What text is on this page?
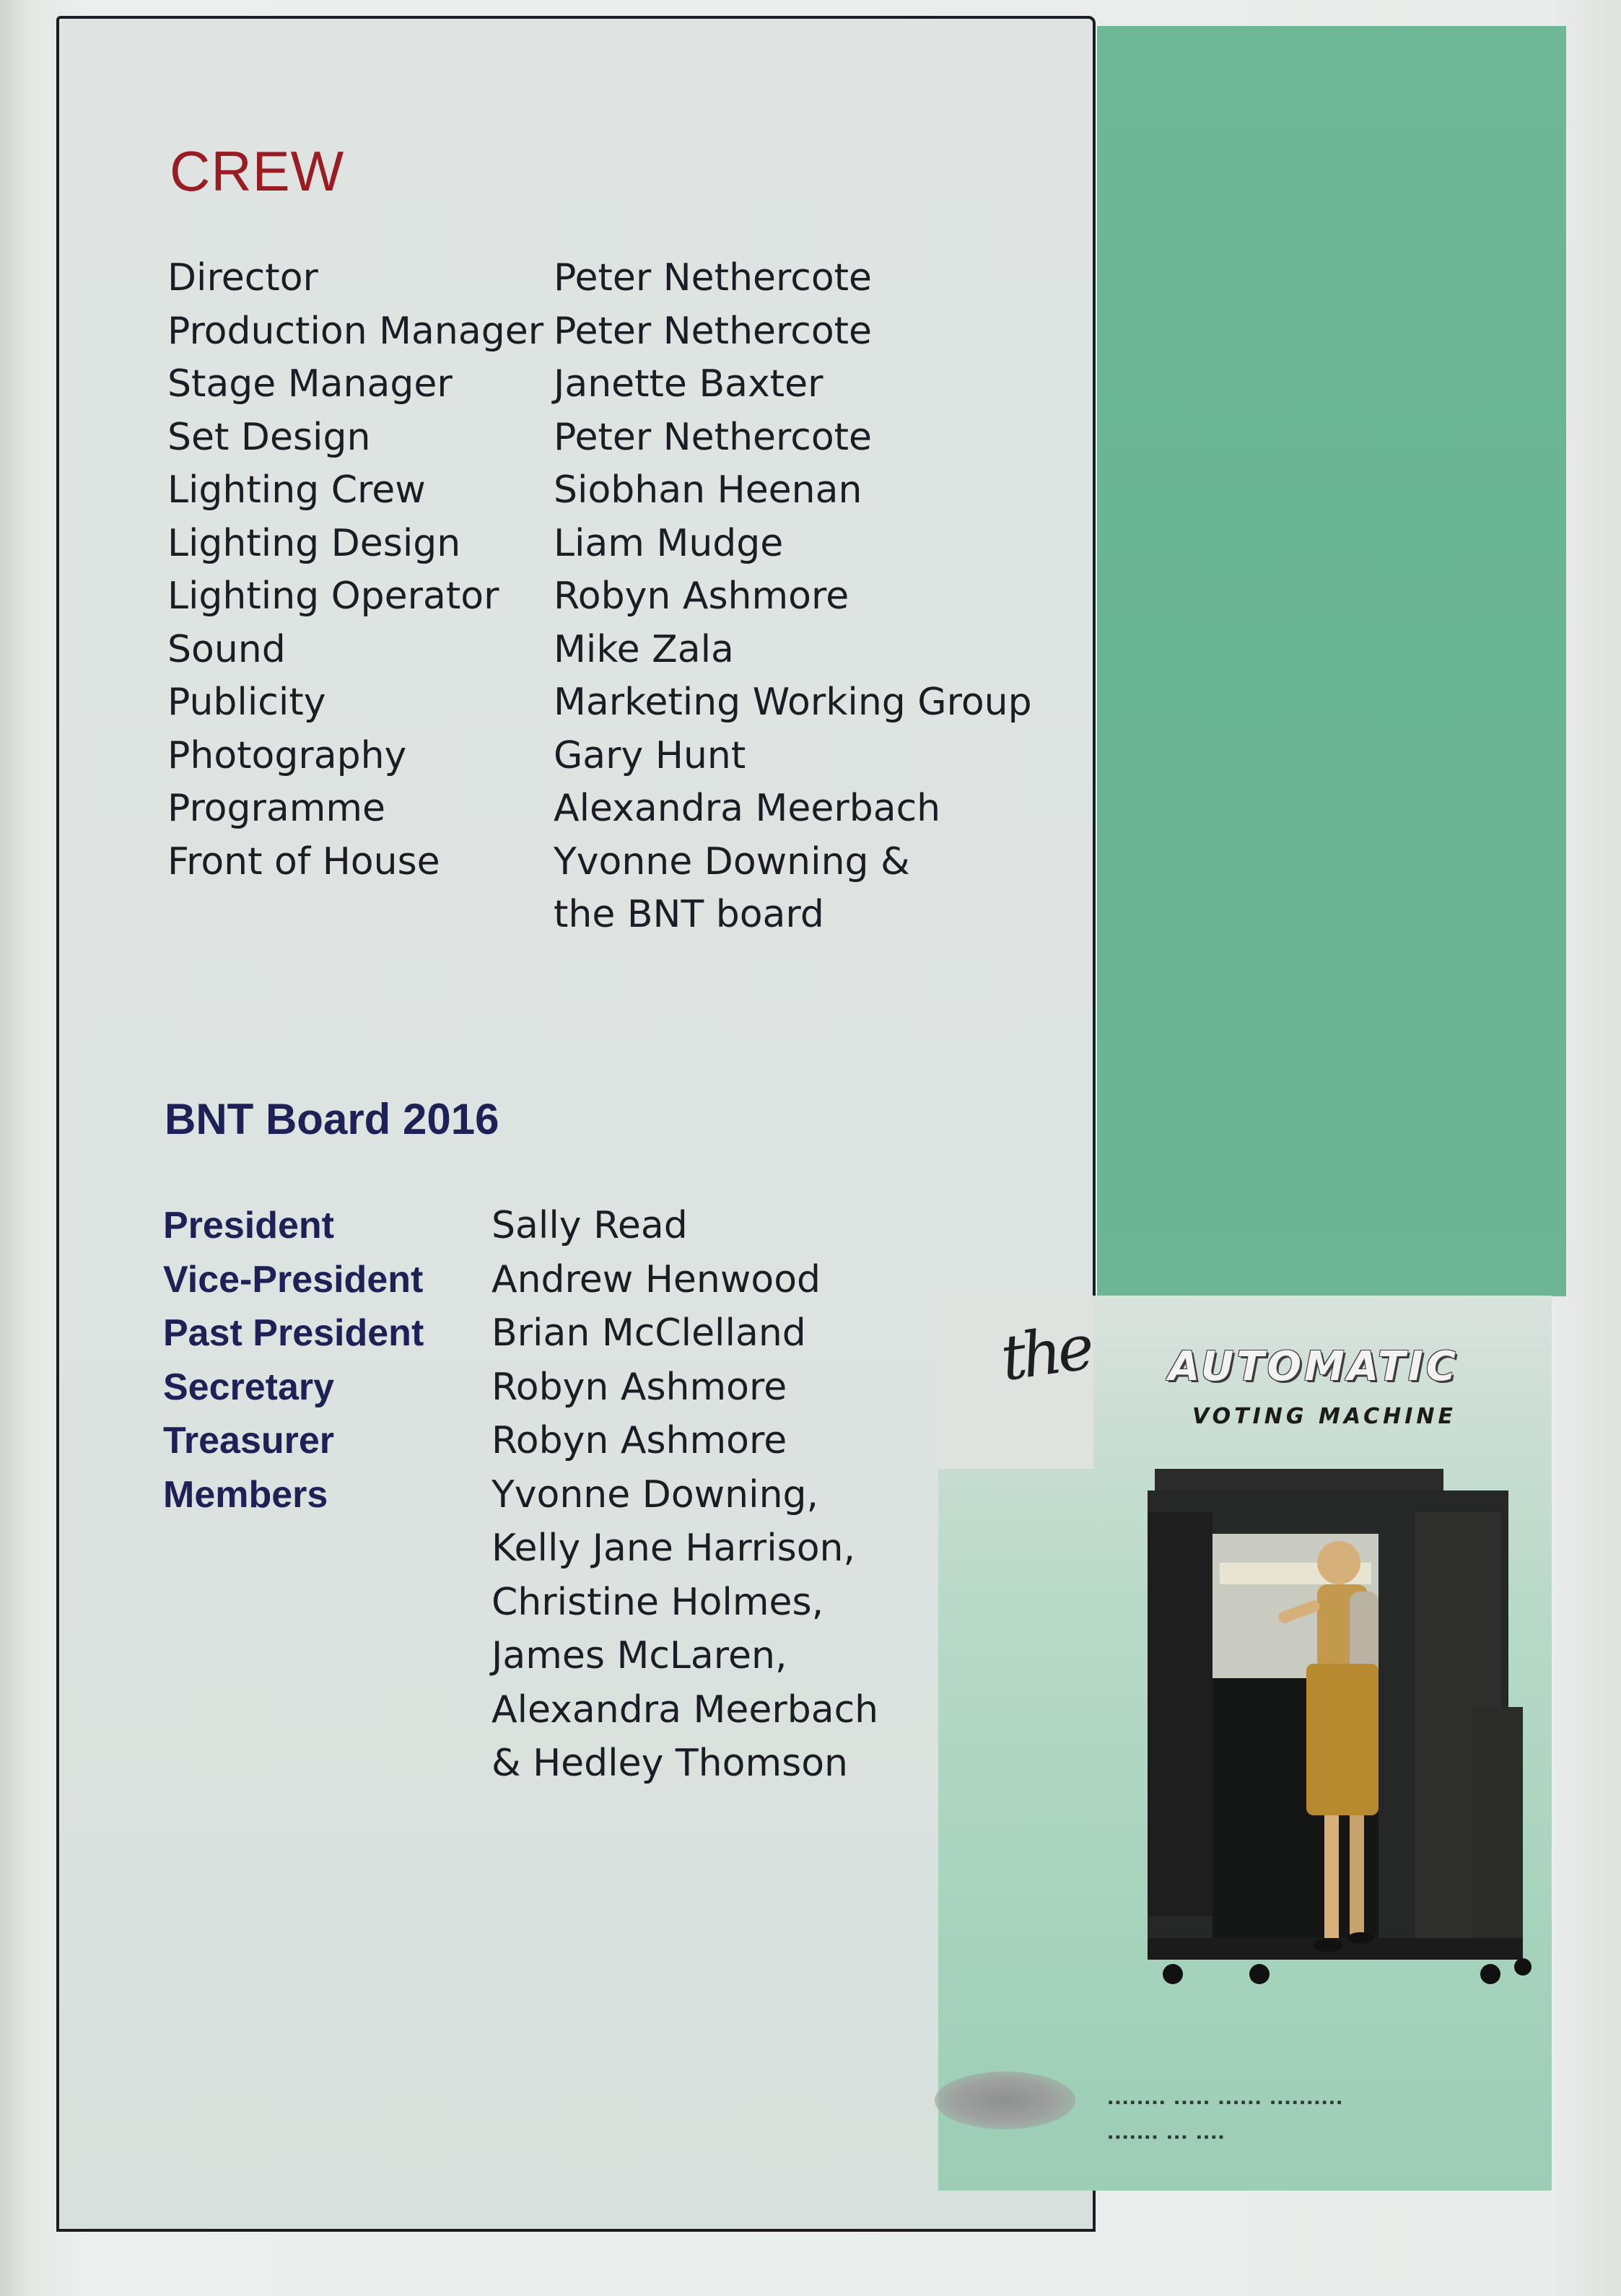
CREW
Director	Peter Nethercote
Production Manager Peter Nethercote
Stage Manager	Janette Baxter
Set Design	Peter Nethercote
Lighting Crew	Siobhan Heenan
Lighting Design	Liam Mudge
Lighting Operator	Robyn Ashmore
Sound	Mike Zala
Publicity	Marketing Working Group
Photography	Gary Hunt
Programme	Alexandra Meerbach
Front of House	Yvonne Downing &
the BNT board
BNT Board 2016
President	Sally Read
Vice-President	Andrew Henwood
Past President	Brian McClelland
Secretary	Robyn Ashmore
Treasurer	Robyn Ashmore
Members	Yvonne Downing,
Kelly Jane Harrison,
Christine Holmes,
James McLaren,
Alexandra Meerbach
& Hedley Thomson
the	AUTOMATIC
VOTING MACHINE
▪▪▪▪▪▪▪▪ ▪▪▪▪▪ ▪▪▪▪▪▪ ▪▪▪▪▪▪▪▪▪▪
▪▪▪▪▪▪▪ ▪▪▪ ▪▪▪▪
